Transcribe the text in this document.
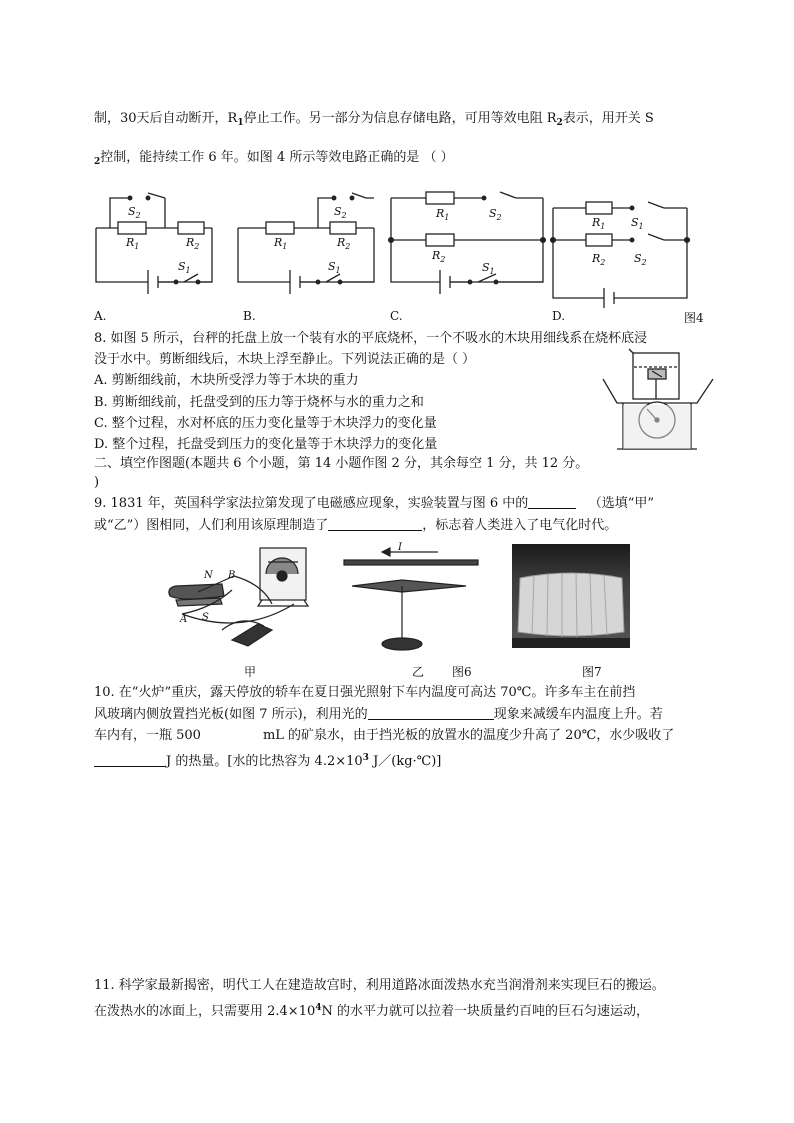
制，30天后自动断开，$R_1$停止工作。另一部分为信息存储电路，可用等效电阻 $R_2$表示，用开关 S
$_2$控制，能持续工作 6 年。如图 4 所示等效电路正确的是 （ ）
$S_2$
$R_1$	$R_2$
$S_1$
$R_1$
$S_2$
$R_2$
$S_1$
$R_1$	$S_2$
$R_2$
$S_1$
$R_1$ $S_1$
$R_2$	$S_2$
A.	B.	C.	D.	图4
8. 如图 5 所示，台秤的托盘上放一个装有水的平底烧杯，一个不吸水的木块用细线系在烧杯底浸
没于水中。剪断细线后，木块上浮至静止。下列说法正确的是（ ）
A. 剪断细线前，木块所受浮力等于木块的重力
B. 剪断细线前，托盘受到的压力等于烧杯与水的重力之和
C. 整个过程，水对杯底的压力变化量等于木块浮力的变化量
D. 整个过程，托盘受到压力的变化量等于木块浮力的变化量
二、填空作图题(本题共 6 个小题，第 14 小题作图 2 分，其余每空 1 分，共 12 分。
)
9. 1831 年，英国科学家法拉第发现了电磁感应现象，实验装置与图 6 中的	（选填“甲”
或“乙”）图相同，人们利用该原理制造了	，标志着人类进入了电气化时代。
N B
A S
I
甲	乙 图6	图7
10. 在“火炉”重庆，露天停放的轿车在夏日强光照射下车内温度可高达 70℃。许多车主在前挡
风玻璃内侧放置挡光板(如图 7 所示)，利用光的	现象来减缓车内温度上升。若
车内有，一瓶 500	mL 的矿泉水，由于挡光板的放置水的温度少升高了 20℃，水少吸收了
J 的热量。[水的比热容为 $4.2\times 10^3$ J／(kg·℃)]
11. 科学家最新揭密，明代工人在建造故宫时，利用道路冰面泼热水充当润滑剂来实现巨石的搬运。
在泼热水的冰面上，只需要用 $2.4\times 10^4N$ 的水平力就可以拉着一块质量约百吨的巨石匀速运动，
